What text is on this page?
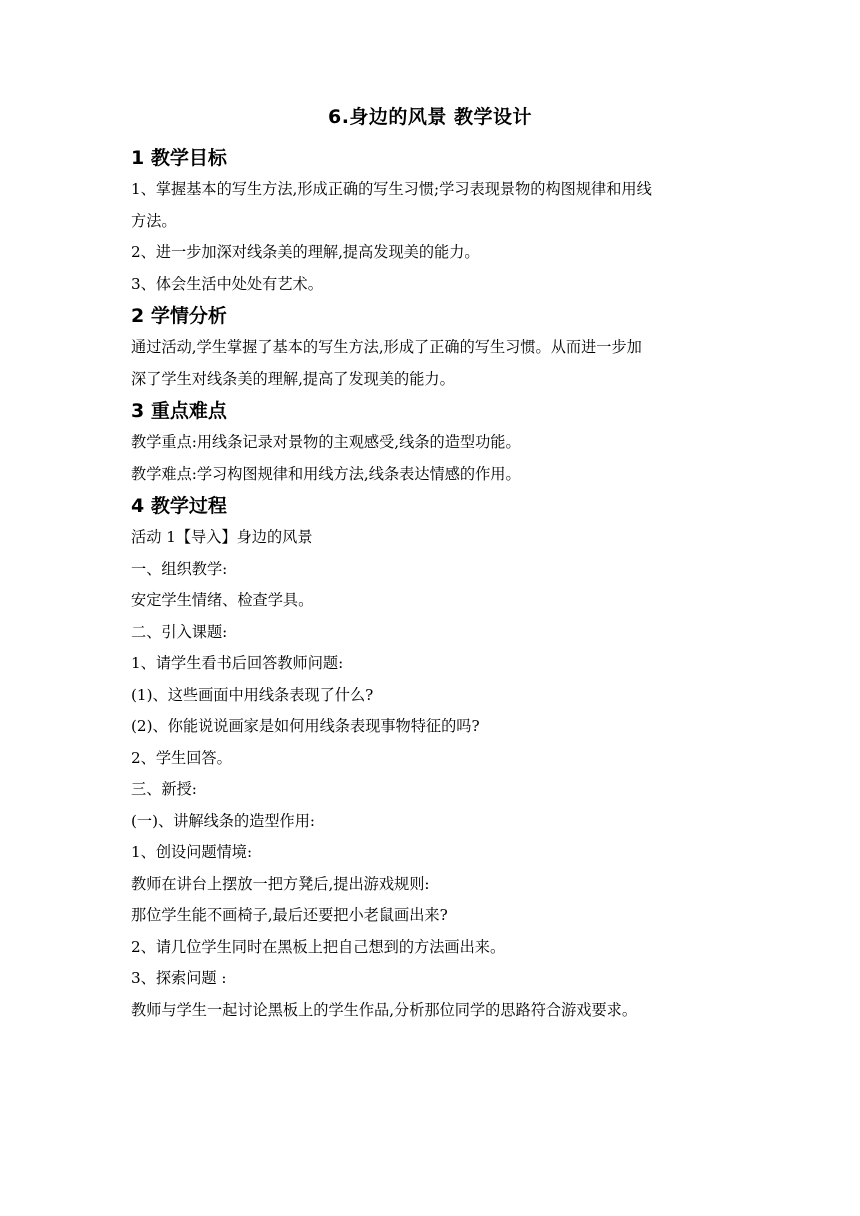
6.身边的风景 教学设计
1 教学目标

1、掌握基本的写生方法,形成正确的写生习惯;学习表现景物的构图规律和用线

方法。

2、进一步加深对线条美的理解,提高发现美的能力。

3、体会生活中处处有艺术。

2 学情分析

通过活动,学生掌握了基本的写生方法,形成了正确的写生习惯。从而进一步加

深了学生对线条美的理解,提高了发现美的能力。

3 重点难点

教学重点:用线条记录对景物的主观感受,线条的造型功能。

教学难点:学习构图规律和用线方法,线条表达情感的作用。

4 教学过程

活动 1【导入】身边的风景

一、组织教学:

安定学生情绪、检查学具。

二、引入课题:

1、请学生看书后回答教师问题:

(1)、这些画面中用线条表现了什么?

(2)、你能说说画家是如何用线条表现事物特征的吗?

2、学生回答。

三、新授:

(一)、讲解线条的造型作用:

1、创设问题情境:

教师在讲台上摆放一把方凳后,提出游戏规则:

那位学生能不画椅子,最后还要把小老鼠画出来?

2、请几位学生同时在黑板上把自己想到的方法画出来。

3、探索问题 :

教师与学生一起讨论黑板上的学生作品,分析那位同学的思路符合游戏要求。
